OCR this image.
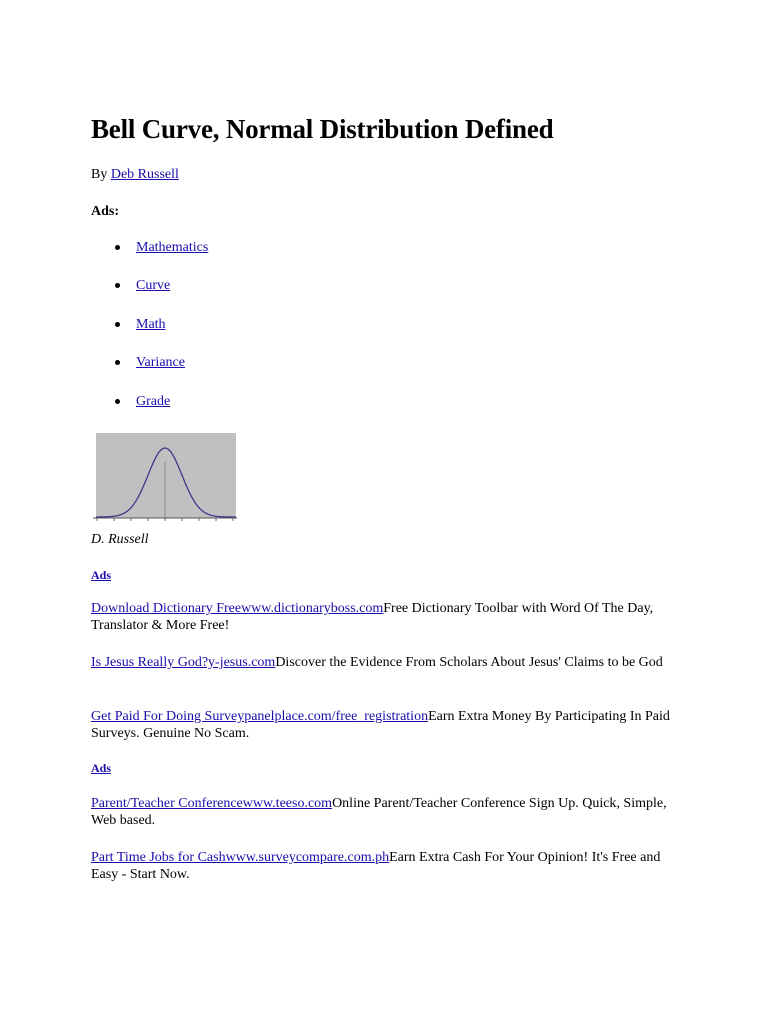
Bell Curve, Normal Distribution Defined
By Deb Russell
Ads:
Mathematics
Curve
Math
Variance
Grade
D. Russell
Ads
Download Dictionary Freewww.dictionaryboss.comFree Dictionary Toolbar with Word Of The Day, Translator & More Free!
Is Jesus Really God?y-jesus.comDiscover the Evidence From Scholars About Jesus' Claims to be God
Get Paid For Doing Surveypanelplace.com/free_registrationEarn Extra Money By Participating In Paid Surveys. Genuine No Scam.
Ads
Parent/Teacher Conferencewww.teeso.comOnline Parent/Teacher Conference Sign Up. Quick, Simple, Web based.
Part Time Jobs for Cashwww.surveycompare.com.phEarn Extra Cash For Your Opinion! It's Free and Easy - Start Now.
